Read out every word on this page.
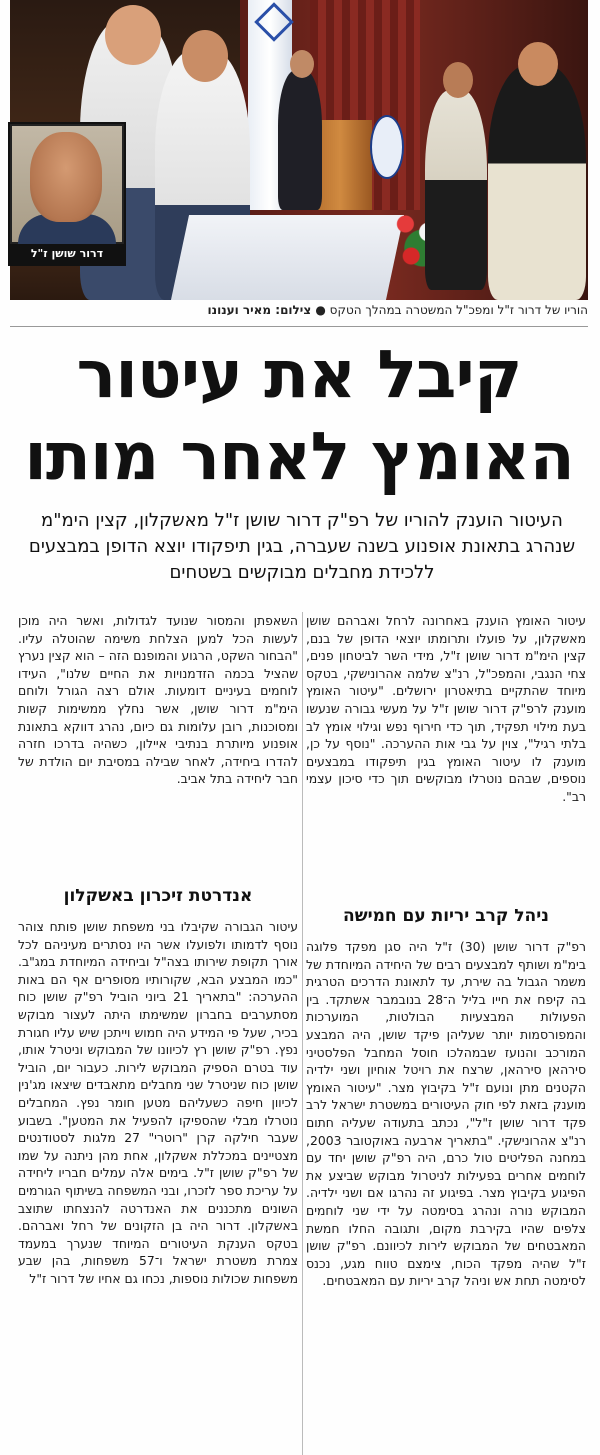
דרור שושן ז"ל
הוריו של דרור ז"ל ומפכ"ל המשטרה במהלך הטקס ● צילום: מאיר וענונו
קיבל את עיטור
האומץ לאחר מותו
העיטור הוענק להוריו של רפ"ק דרור שושן ז"ל מאשקלון, קצין הימ"מ שנהרג בתאונת אופנוע בשנה שעברה, בגין תיפקודו יוצא הדופן במבצעים ללכידת מחבלים מבוקשים בשטחים

עיטור האומץ הוענק באחרונה לרחל ואברהם שושן מאשקלון, על פועלו ותרומתו יוצאי הדופן של בנם, קצין הימ"מ דרור שושן ז"ל, מידי השר לביטחון פנים, צחי הנגבי, והמפכ"ל, רנ"צ שלמה אהרונישקי, בטקס מיוחד שהתקיים בתיאטרון ירושלים. "עיטור האומץ מוענק לרפ"ק דרור שושן ז"ל על מעשי גבורה שנעשו בעת מילוי תפקיד, תוך כדי חירוף נפש וגילוי אומץ לב בלתי רגיל", צוין על גבי אות ההערכה. "נוסף על כן, מוענק לו עיטור האומץ בגין תיפקודו במבצעים נוספים, שבהם נוטרלו מבוקשים תוך כדי סיכון עצמי רב".

השאפתן והמסור שנועד לגדולות, ואשר היה מוכן לעשות הכל למען הצלחת משימה שהוטלה עליו. "הבחור השקט, הרגוע והמופנם הזה – הוא קצין נערץ שהציל בכמה הזדמנויות את החיים שלנו", העידו לוחמים בעיניים דומעות. אולם רצה הגורל ולוחם הימ"מ דרור שושן, אשר נחלץ ממשימות קשות ומסוכנות, רובן עלומות גם כיום, נהרג דווקא בתאונת אופנוע מיותרת בנתיבי איילון, כשהיה בדרכו חזרה להדרו ביחידה, לאחר שבילה במסיבת יום הולדת של חבר ליחידה בתל אביב.

ניהל קרב יריות עם חמישה

רפ"ק דרור שושן (30) ז"ל היה סגן מפקד פלוגה בימ"מ ושותף למבצעים רבים של היחידה המיוחדת של משמר הגבול בה שירת, עד לתאונת הדרכים הטרגית בה קיפח את חייו בליל ה־28 בנובמבר אשתקד. בין הפעולות המבצעיות הבולטות, המוערכות והמפורסמות יותר שעליהן פיקד שושן, היה המבצע המורכב והנועז שבמהלכו חוסל המחבל הפלסטיני סירהאן סירהאן, שרצח את רויטל אוחיון ושני ילדיה הקטנים מתן ונועם ז"ל בקיבוץ מצר. "עיטור האומץ מוענק בזאת לפי חוק העיטורים במשטרת ישראל לרב פקד דרור שושן ז"ל", נכתב בתעודה שעליה חתום רנ"צ אהרונישקי. "בתאריך ארבעה באוקטובר 2003, במחנה הפליטים טול כרם, היה רפ"ק שושן יחד עם לוחמים אחרים בפעילות לניטרול מבוקש שביצע את הפיגוע בקיבוץ מצר. בפיגוע זה נהרגו אם ושני ילדיה. המבוקש נורה ונהרג בסימטה על ידי שני לוחמים צלפים שהיו בקירבת מקום, ותגובה החלו חמשת המאבטחים של המבוקש לירות לכיוונם. רפ"ק שושן ז"ל שהיה מפקד הכוח, צימצם טווח מגע, נכנס לסימטה תחת אש וניהל קרב יריות עם המאבטחים.

אנדרטת זיכרון באשקלון

עיטור הגבורה שקיבלו בני משפחת שושן פותח צוהר נוסף לדמותו ולפועלו אשר היו נסתרים מעיניהם לכל אורך תקופת שירותו בצה"ל וביחידה המיוחדת במג"ב. "כמו המבצע הבא, שקורותיו מסופרים אף הם באות ההערכה: "בתאריך 21 ביוני הוביל רפ"ק שושן כוח מסתערבים בחברון שמשימתו היתה לעצור מבוקש בכיר, שעל פי המידע היה חמוש וייתכן שיש עליו חגורת נפץ. רפ"ק שושן רץ לכיוונו של המבוקש וניטרל אותו, עוד בטרם הספיק המבוקש לירות. כעבור יום, הוביל שושן כוח שניטרל שני מחבלים מתאבדים שיצאו מג'נין לכיוון חיפה כשעליהם מטען חומר נפץ. המחבלים נוטרלו מבלי שהספיקו להפעיל את המטען". בשבוע שעבר חילקה קרן "רוטרי" 27 מלגות לסטודנטים מצטיינים במכללת אשקלון, אחת מהן ניתנה על שמו של רפ"ק שושן ז"ל. בימים אלה עמלים חבריו ליחידה על עריכת ספר לזכרו, ובני המשפחה בשיתוף הגורמים השונים מתכננים את האנדרטה להנצחתו שתוצב באשקלון. דרור היה בן הזקונים של רחל ואברהם. בטקס הענקת העיטורים המיוחד שנערך במעמד צמרת משטרת ישראל ו־57 משפחות, בהן שבע משפחות שכולות נוספות, נכחו גם אחיו של דרור ז"ל
